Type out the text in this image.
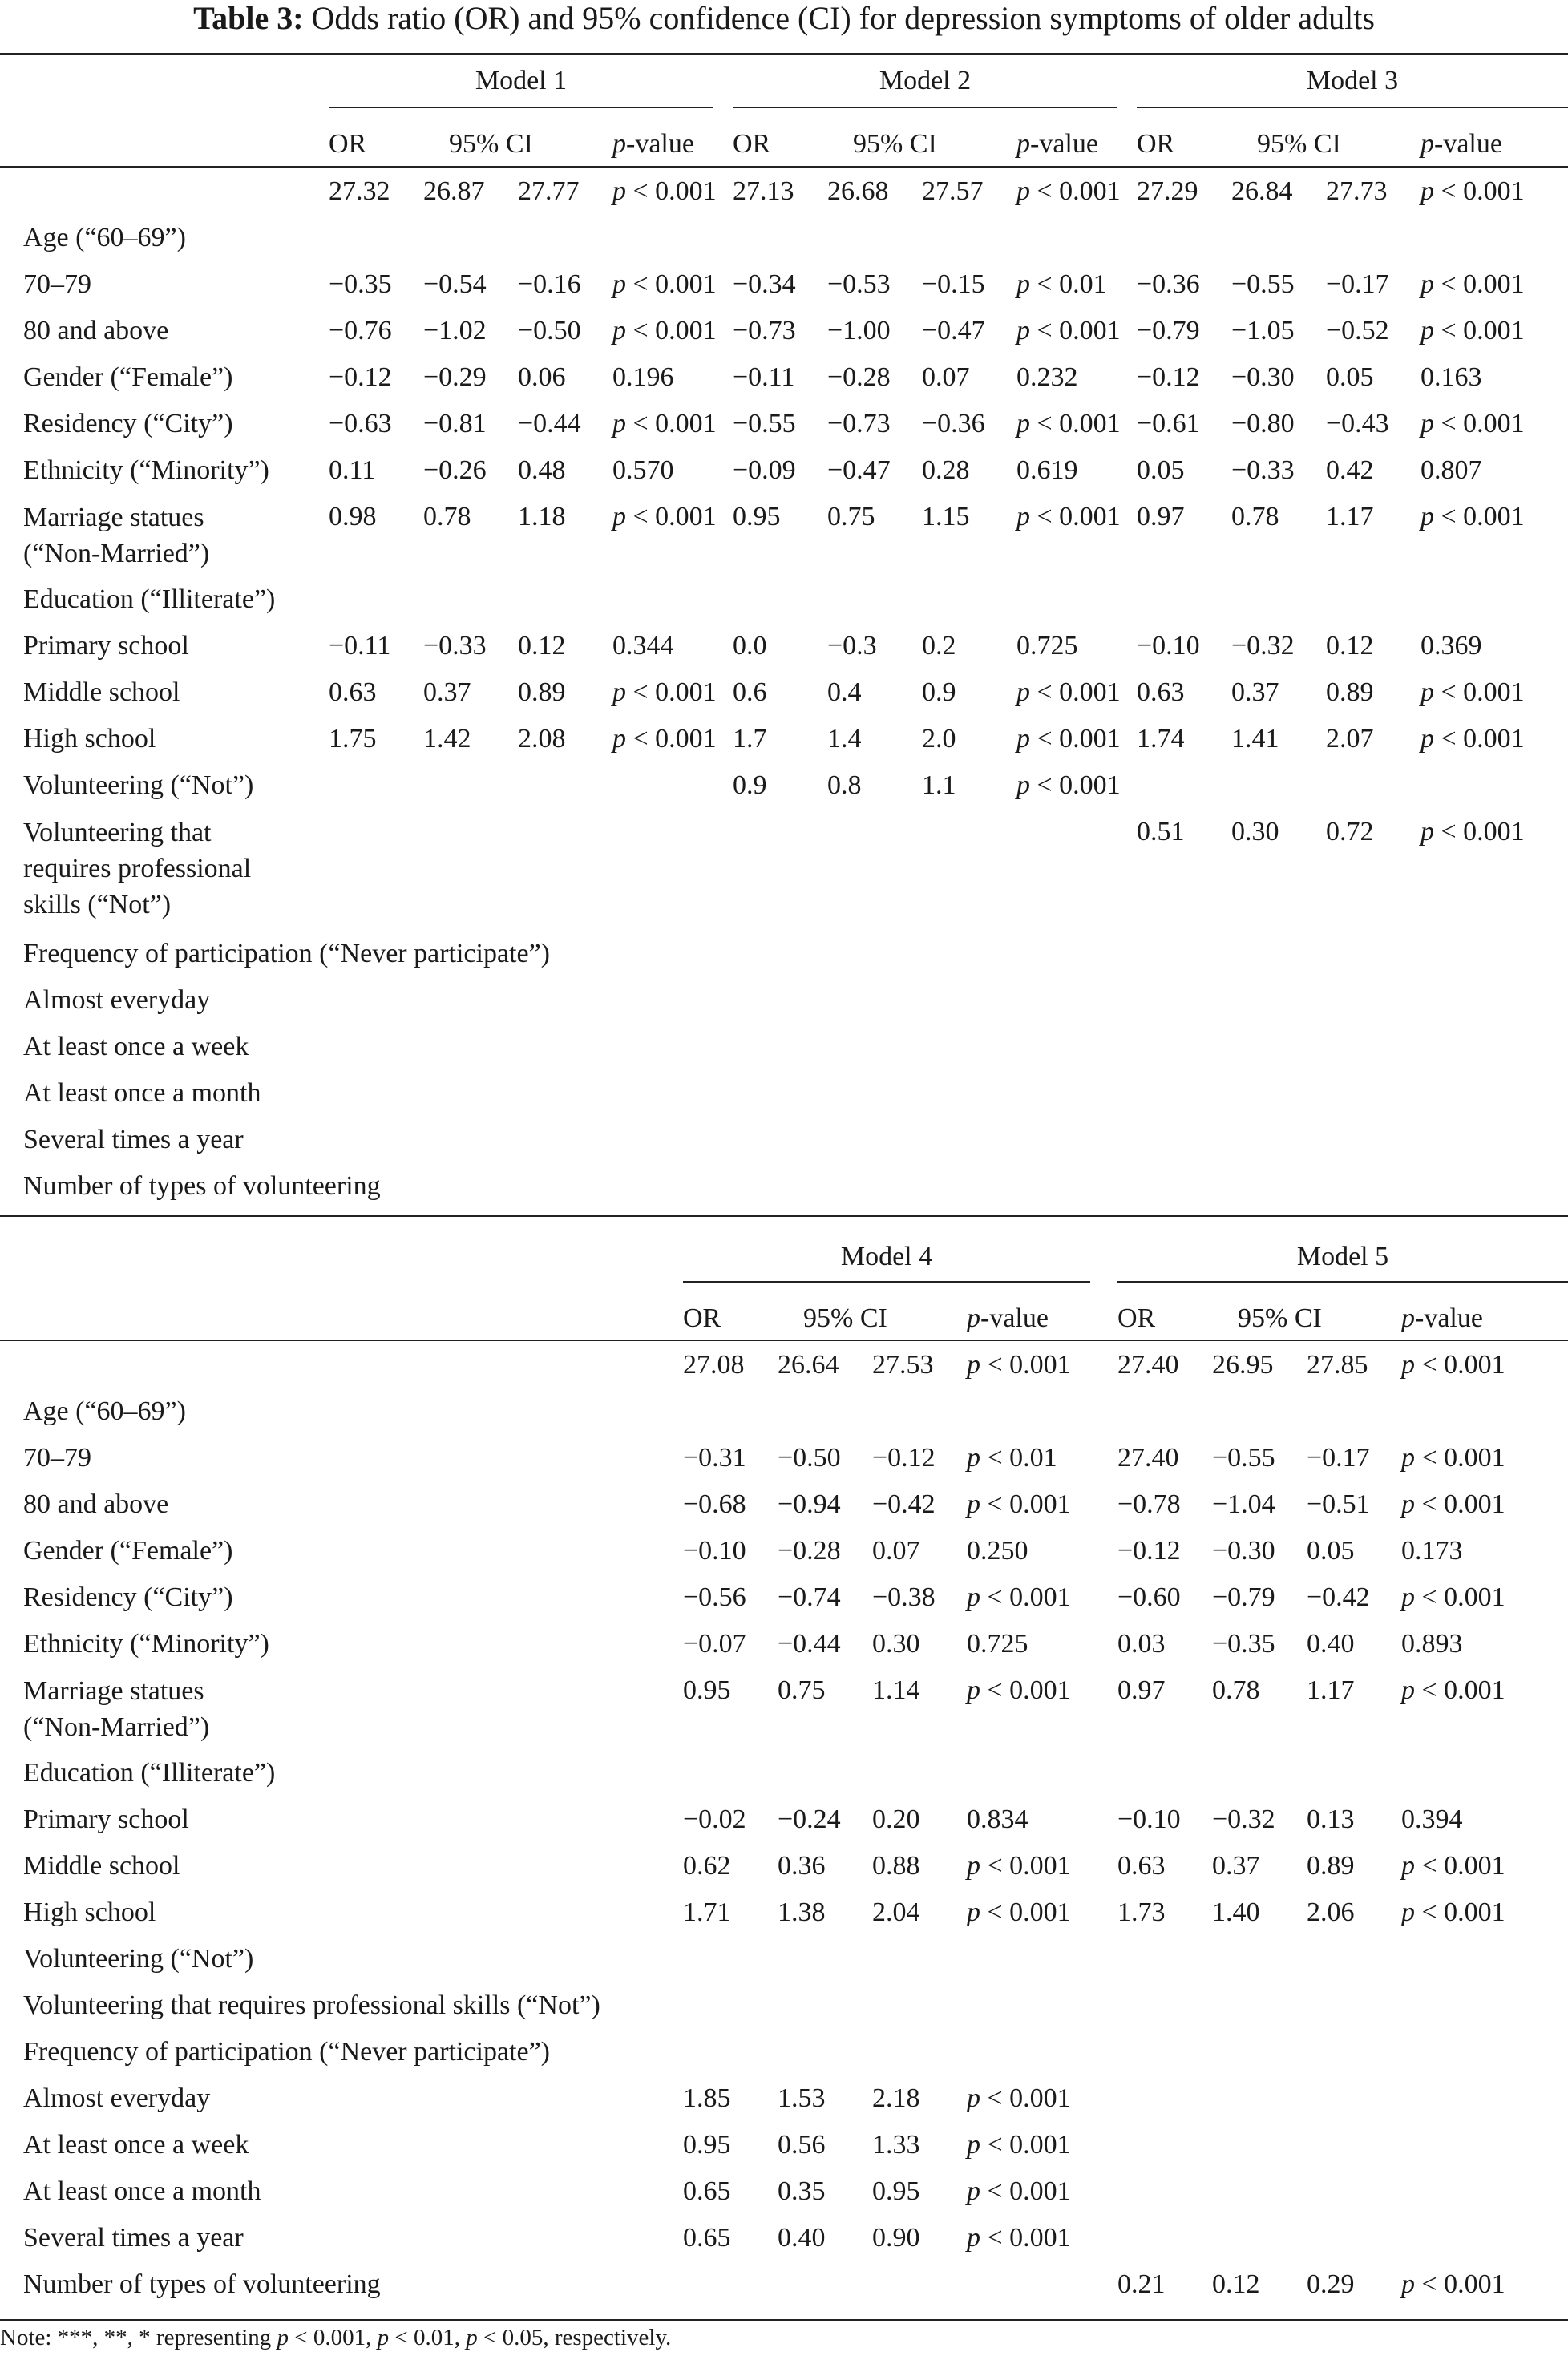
Table 3: Odds ratio (OR) and 95% confidence (CI) for depression symptoms of older adults
Model 1	Model 2	Model 3
OR	95% CI	p-value OR	95% CI	p-value OR	95% CI	p-value
	27.32	26.87	27.77	p < 0.001		27.13	26.68	27.57	p < 0.001		27.29	26.84	27.73	p < 0.001
Age (“60–69”)														
70–79	−0.35	−0.54	−0.16	p < 0.001		−0.34	−0.53	−0.15	p < 0.01		−0.36	−0.55	−0.17	p < 0.001
80 and above	−0.76	−1.02	−0.50	p < 0.001		−0.73	−1.00	−0.47	p < 0.001		−0.79	−1.05	−0.52	p < 0.001
Gender (“Female”)	−0.12	−0.29	0.06	0.196		−0.11	−0.28	0.07	0.232		−0.12	−0.30	0.05	0.163
Residency (“City”)	−0.63	−0.81	−0.44	p < 0.001		−0.55	−0.73	−0.36	p < 0.001		−0.61	−0.80	−0.43	p < 0.001
Ethnicity (“Minority”)	0.11	−0.26	0.48	0.570		−0.09	−0.47	0.28	0.619		0.05	−0.33	0.42	0.807

Marriage statues
(“Non-Married”)	0.98	0.78	1.18	p < 0.001		0.95	0.75	1.15	p < 0.001		0.97	0.78	1.17	p < 0.001
Education (“Illiterate”)														
Primary school	−0.11	−0.33	0.12	0.344		0.0	−0.3	0.2	0.725		−0.10	−0.32	0.12	0.369
Middle school	0.63	0.37	0.89	p < 0.001		0.6	0.4	0.9	p < 0.001		0.63	0.37	0.89	p < 0.001
High school	1.75	1.42	2.08	p < 0.001		1.7	1.4	2.0	p < 0.001		1.74	1.41	2.07	p < 0.001
Volunteering (“Not”)						0.9	0.8	1.1	p < 0.001					

Volunteering that
requires professional
skills (“Not”)											0.51	0.30	0.72	p < 0.001
Frequency of participation (“Never participate”)														
Almost everyday														
At least once a week														
At least once a month														
Several times a year														
Number of types of volunteering														
Model 4	Model 5
OR	95% CI	p-value	OR	95% CI	p-value
	27.08	26.64	27.53	p < 0.001		27.40	26.95	27.85	p < 0.001
Age (“60–69”)									
70–79	−0.31	−0.50	−0.12	p < 0.01		27.40	−0.55	−0.17	p < 0.001
80 and above	−0.68	−0.94	−0.42	p < 0.001		−0.78	−1.04	−0.51	p < 0.001
Gender (“Female”)	−0.10	−0.28	0.07	0.250		−0.12	−0.30	0.05	0.173
Residency (“City”)	−0.56	−0.74	−0.38	p < 0.001		−0.60	−0.79	−0.42	p < 0.001
Ethnicity (“Minority”)	−0.07	−0.44	0.30	0.725		0.03	−0.35	0.40	0.893

Marriage statues
(“Non-Married”)	0.95	0.75	1.14	p < 0.001		0.97	0.78	1.17	p < 0.001
Education (“Illiterate”)									
Primary school	−0.02	−0.24	0.20	0.834		−0.10	−0.32	0.13	0.394
Middle school	0.62	0.36	0.88	p < 0.001		0.63	0.37	0.89	p < 0.001
High school	1.71	1.38	2.04	p < 0.001		1.73	1.40	2.06	p < 0.001
Volunteering (“Not”)									
Volunteering that requires professional skills (“Not”)									
Frequency of participation (“Never participate”)									
Almost everyday	1.85	1.53	2.18	p < 0.001					
At least once a week	0.95	0.56	1.33	p < 0.001					
At least once a month	0.65	0.35	0.95	p < 0.001					
Several times a year	0.65	0.40	0.90	p < 0.001					
Number of types of volunteering						0.21	0.12	0.29	p < 0.001
Note: ***, **, * representing p < 0.001, p < 0.01, p < 0.05, respectively.
